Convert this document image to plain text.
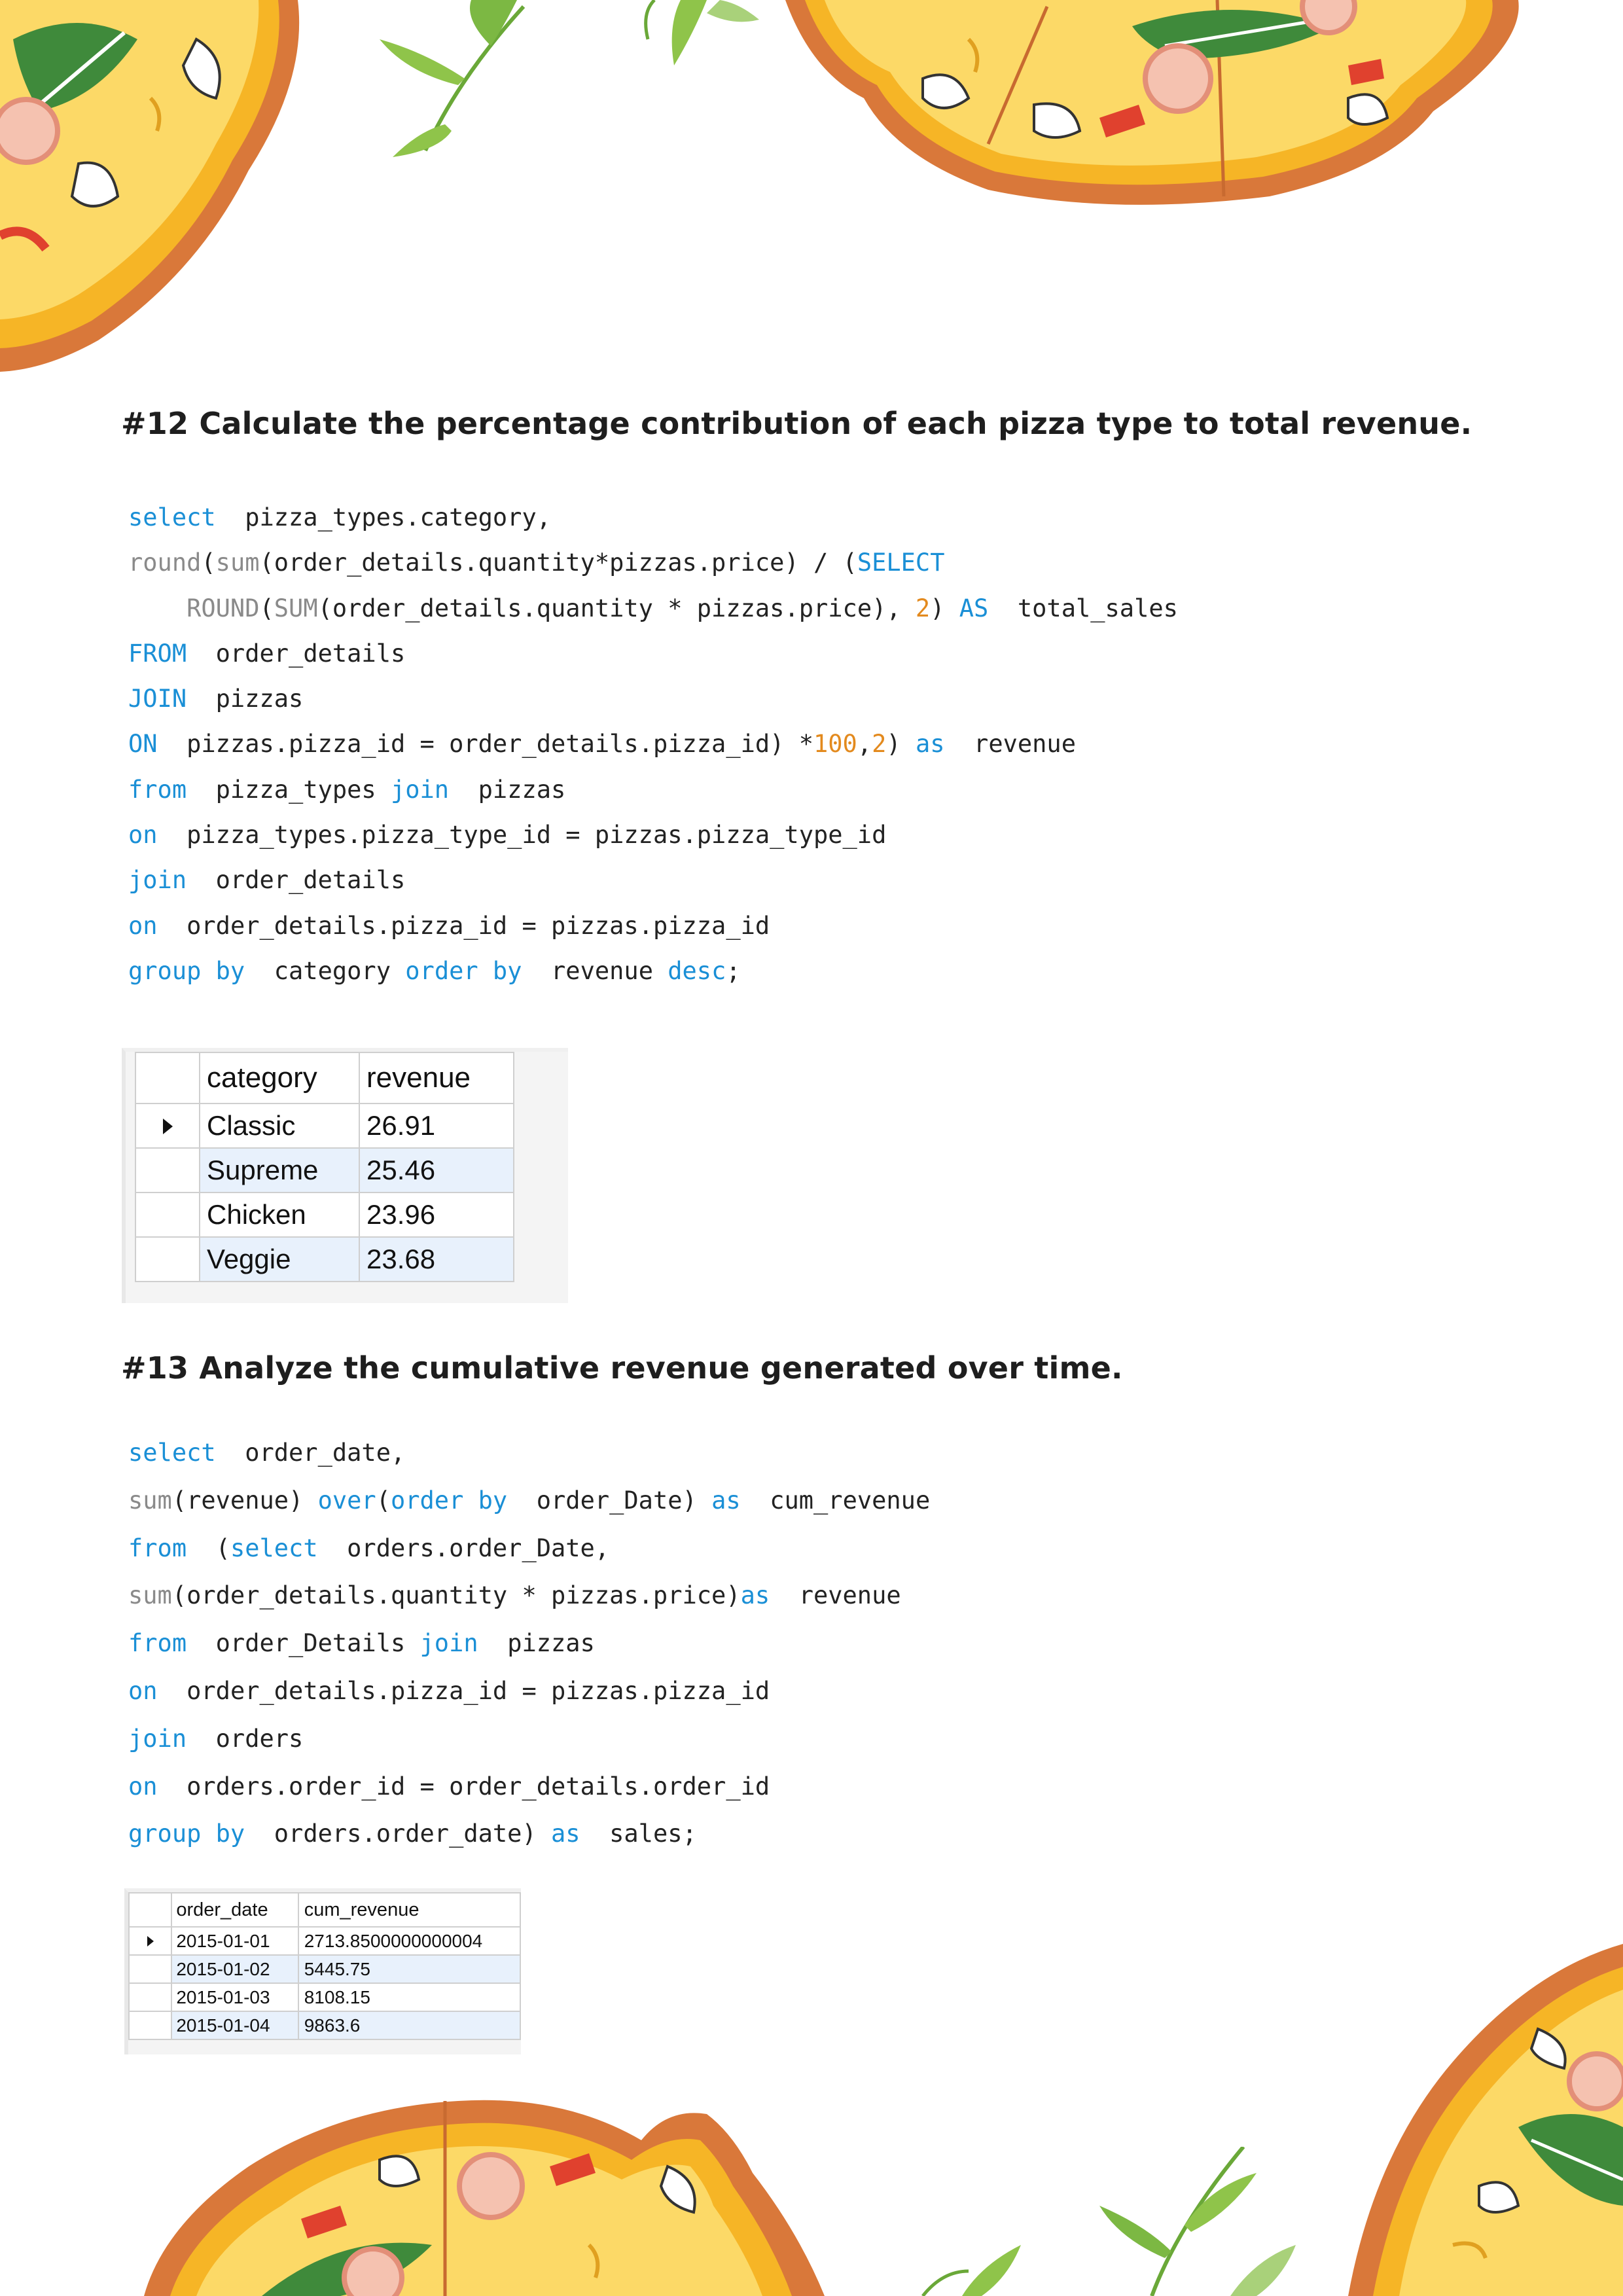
#12 Calculate the percentage contribution of each pizza type to total revenue.
select  pizza_types.category,
round(sum(order_details.quantity*pizzas.price) / (SELECT
ROUND(SUM(order_details.quantity * pizzas.price), 2) AS  total_sales
FROM  order_details
JOIN  pizzas
ON  pizzas.pizza_id = order_details.pizza_id) *100,2) as  revenue
from  pizza_types join  pizzas
on  pizza_types.pizza_type_id = pizzas.pizza_type_id
join  order_details
on  order_details.pizza_id = pizzas.pizza_id
group by  category order by  revenue desc;
	category	revenue
	Classic	26.91
	Supreme	25.46
	Chicken	23.96
	Veggie	23.68
#13 Analyze the cumulative revenue generated over time.
select  order_date,
sum(revenue) over(order by  order_Date) as  cum_revenue
from  (select  orders.order_Date,
sum(order_details.quantity * pizzas.price)as  revenue
from  order_Details join  pizzas
on  order_details.pizza_id = pizzas.pizza_id
join  orders
on  orders.order_id = order_details.order_id
group by  orders.order_date) as  sales;
	order_date	cum_revenue
	2015-01-01	2713.8500000000004
	2015-01-02	5445.75
	2015-01-03	8108.15
	2015-01-04	9863.6
